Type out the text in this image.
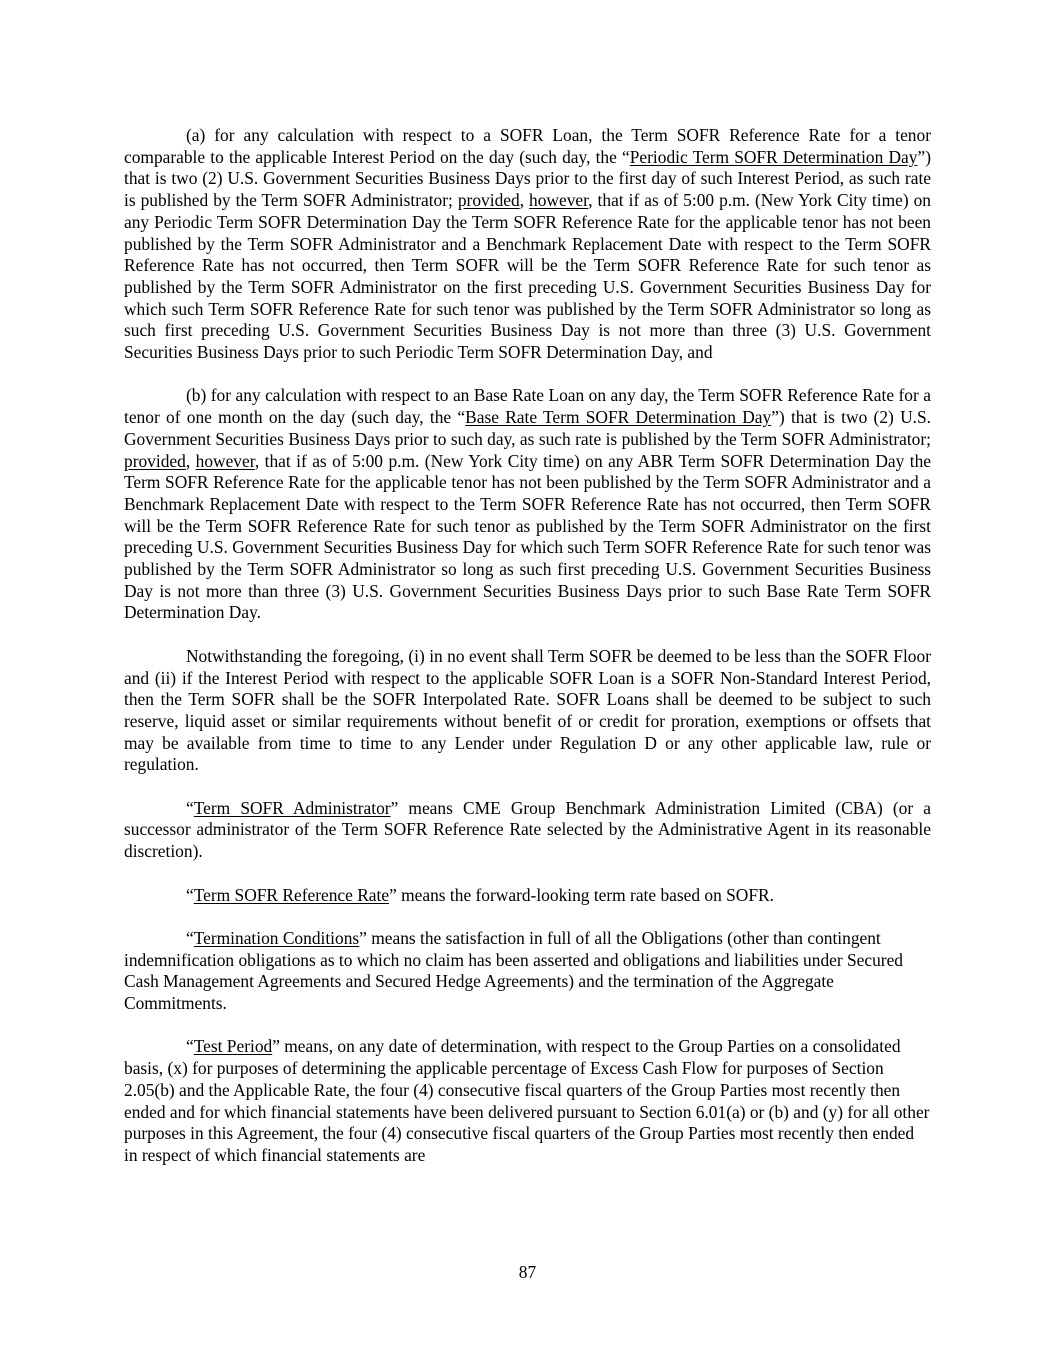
(a) for any calculation with respect to a SOFR Loan, the Term SOFR Reference Rate for a tenor comparable to the applicable Interest Period on the day (such day, the “Periodic Term SOFR Determination Day”) that is two (2) U.S. Government Securities Business Days prior to the first day of such Interest Period, as such rate is published by the Term SOFR Administrator; provided, however, that if as of 5:00 p.m. (New York City time) on any Periodic Term SOFR Determination Day the Term SOFR Reference Rate for the applicable tenor has not been published by the Term SOFR Administrator and a Benchmark Replacement Date with respect to the Term SOFR Reference Rate has not occurred, then Term SOFR will be the Term SOFR Reference Rate for such tenor as published by the Term SOFR Administrator on the first preceding U.S. Government Securities Business Day for which such Term SOFR Reference Rate for such tenor was published by the Term SOFR Administrator so long as such first preceding U.S. Government Securities Business Day is not more than three (3) U.S. Government Securities Business Days prior to such Periodic Term SOFR Determination Day, and

(b) for any calculation with respect to an Base Rate Loan on any day, the Term SOFR Reference Rate for a tenor of one month on the day (such day, the “Base Rate Term SOFR Determination Day”) that is two (2) U.S. Government Securities Business Days prior to such day, as such rate is published by the Term SOFR Administrator; provided, however, that if as of 5:00 p.m. (New York City time) on any ABR Term SOFR Determination Day the Term SOFR Reference Rate for the applicable tenor has not been published by the Term SOFR Administrator and a Benchmark Replacement Date with respect to the Term SOFR Reference Rate has not occurred, then Term SOFR will be the Term SOFR Reference Rate for such tenor as published by the Term SOFR Administrator on the first preceding U.S. Government Securities Business Day for which such Term SOFR Reference Rate for such tenor was published by the Term SOFR Administrator so long as such first preceding U.S. Government Securities Business Day is not more than three (3) U.S. Government Securities Business Days prior to such Base Rate Term SOFR Determination Day.

Notwithstanding the foregoing, (i) in no event shall Term SOFR be deemed to be less than the SOFR Floor and (ii) if the Interest Period with respect to the applicable SOFR Loan is a SOFR Non-Standard Interest Period, then the Term SOFR shall be the SOFR Interpolated Rate. SOFR Loans shall be deemed to be subject to such reserve, liquid asset or similar requirements without benefit of or credit for proration, exemptions or offsets that may be available from time to time to any Lender under Regulation D or any other applicable law, rule or regulation.

“Term SOFR Administrator” means CME Group Benchmark Administration Limited (CBA) (or a successor administrator of the Term SOFR Reference Rate selected by the Administrative Agent in its reasonable discretion).

“Term SOFR Reference Rate” means the forward-looking term rate based on SOFR.

“Termination Conditions” means the satisfaction in full of all the Obligations (other than contingent indemnification obligations as to which no claim has been asserted and obligations and liabilities under Secured Cash Management Agreements and Secured Hedge Agreements) and the termination of the Aggregate Commitments.

“Test Period” means, on any date of determination, with respect to the Group Parties on a consolidated basis, (x) for purposes of determining the applicable percentage of Excess Cash Flow for purposes of Section 2.05(b) and the Applicable Rate, the four (4) consecutive fiscal quarters of the Group Parties most recently then ended and for which financial statements have been delivered pursuant to Section 6.01(a) or (b) and (y) for all other purposes in this Agreement, the four (4) consecutive fiscal quarters of the Group Parties most recently then ended in respect of which financial statements are

87
